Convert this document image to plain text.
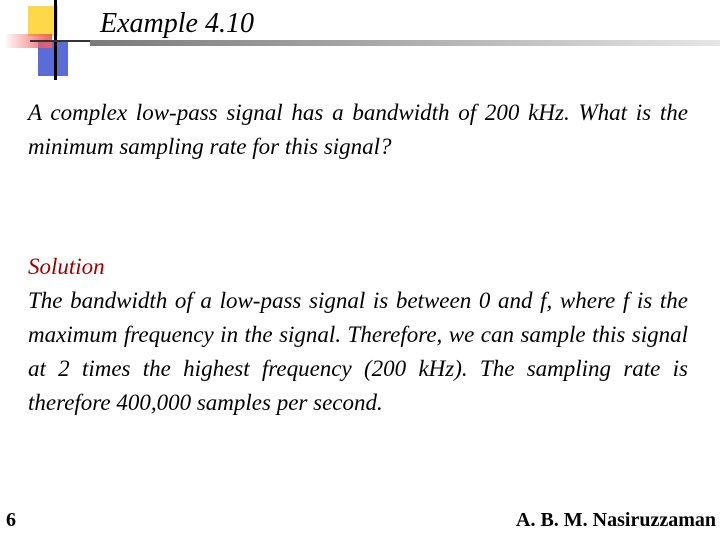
Example 4.10

A complex low-pass signal has a bandwidth of 200 kHz. What is the minimum sampling rate for this signal?

Solution

The bandwidth of a low-pass signal is between 0 and f, where f is the maximum frequency in the signal. Therefore, we can sample this signal at 2 times the highest frequency (200 kHz). The sampling rate is therefore 400,000 samples per second.

6	A. B. M. Nasiruzzaman
